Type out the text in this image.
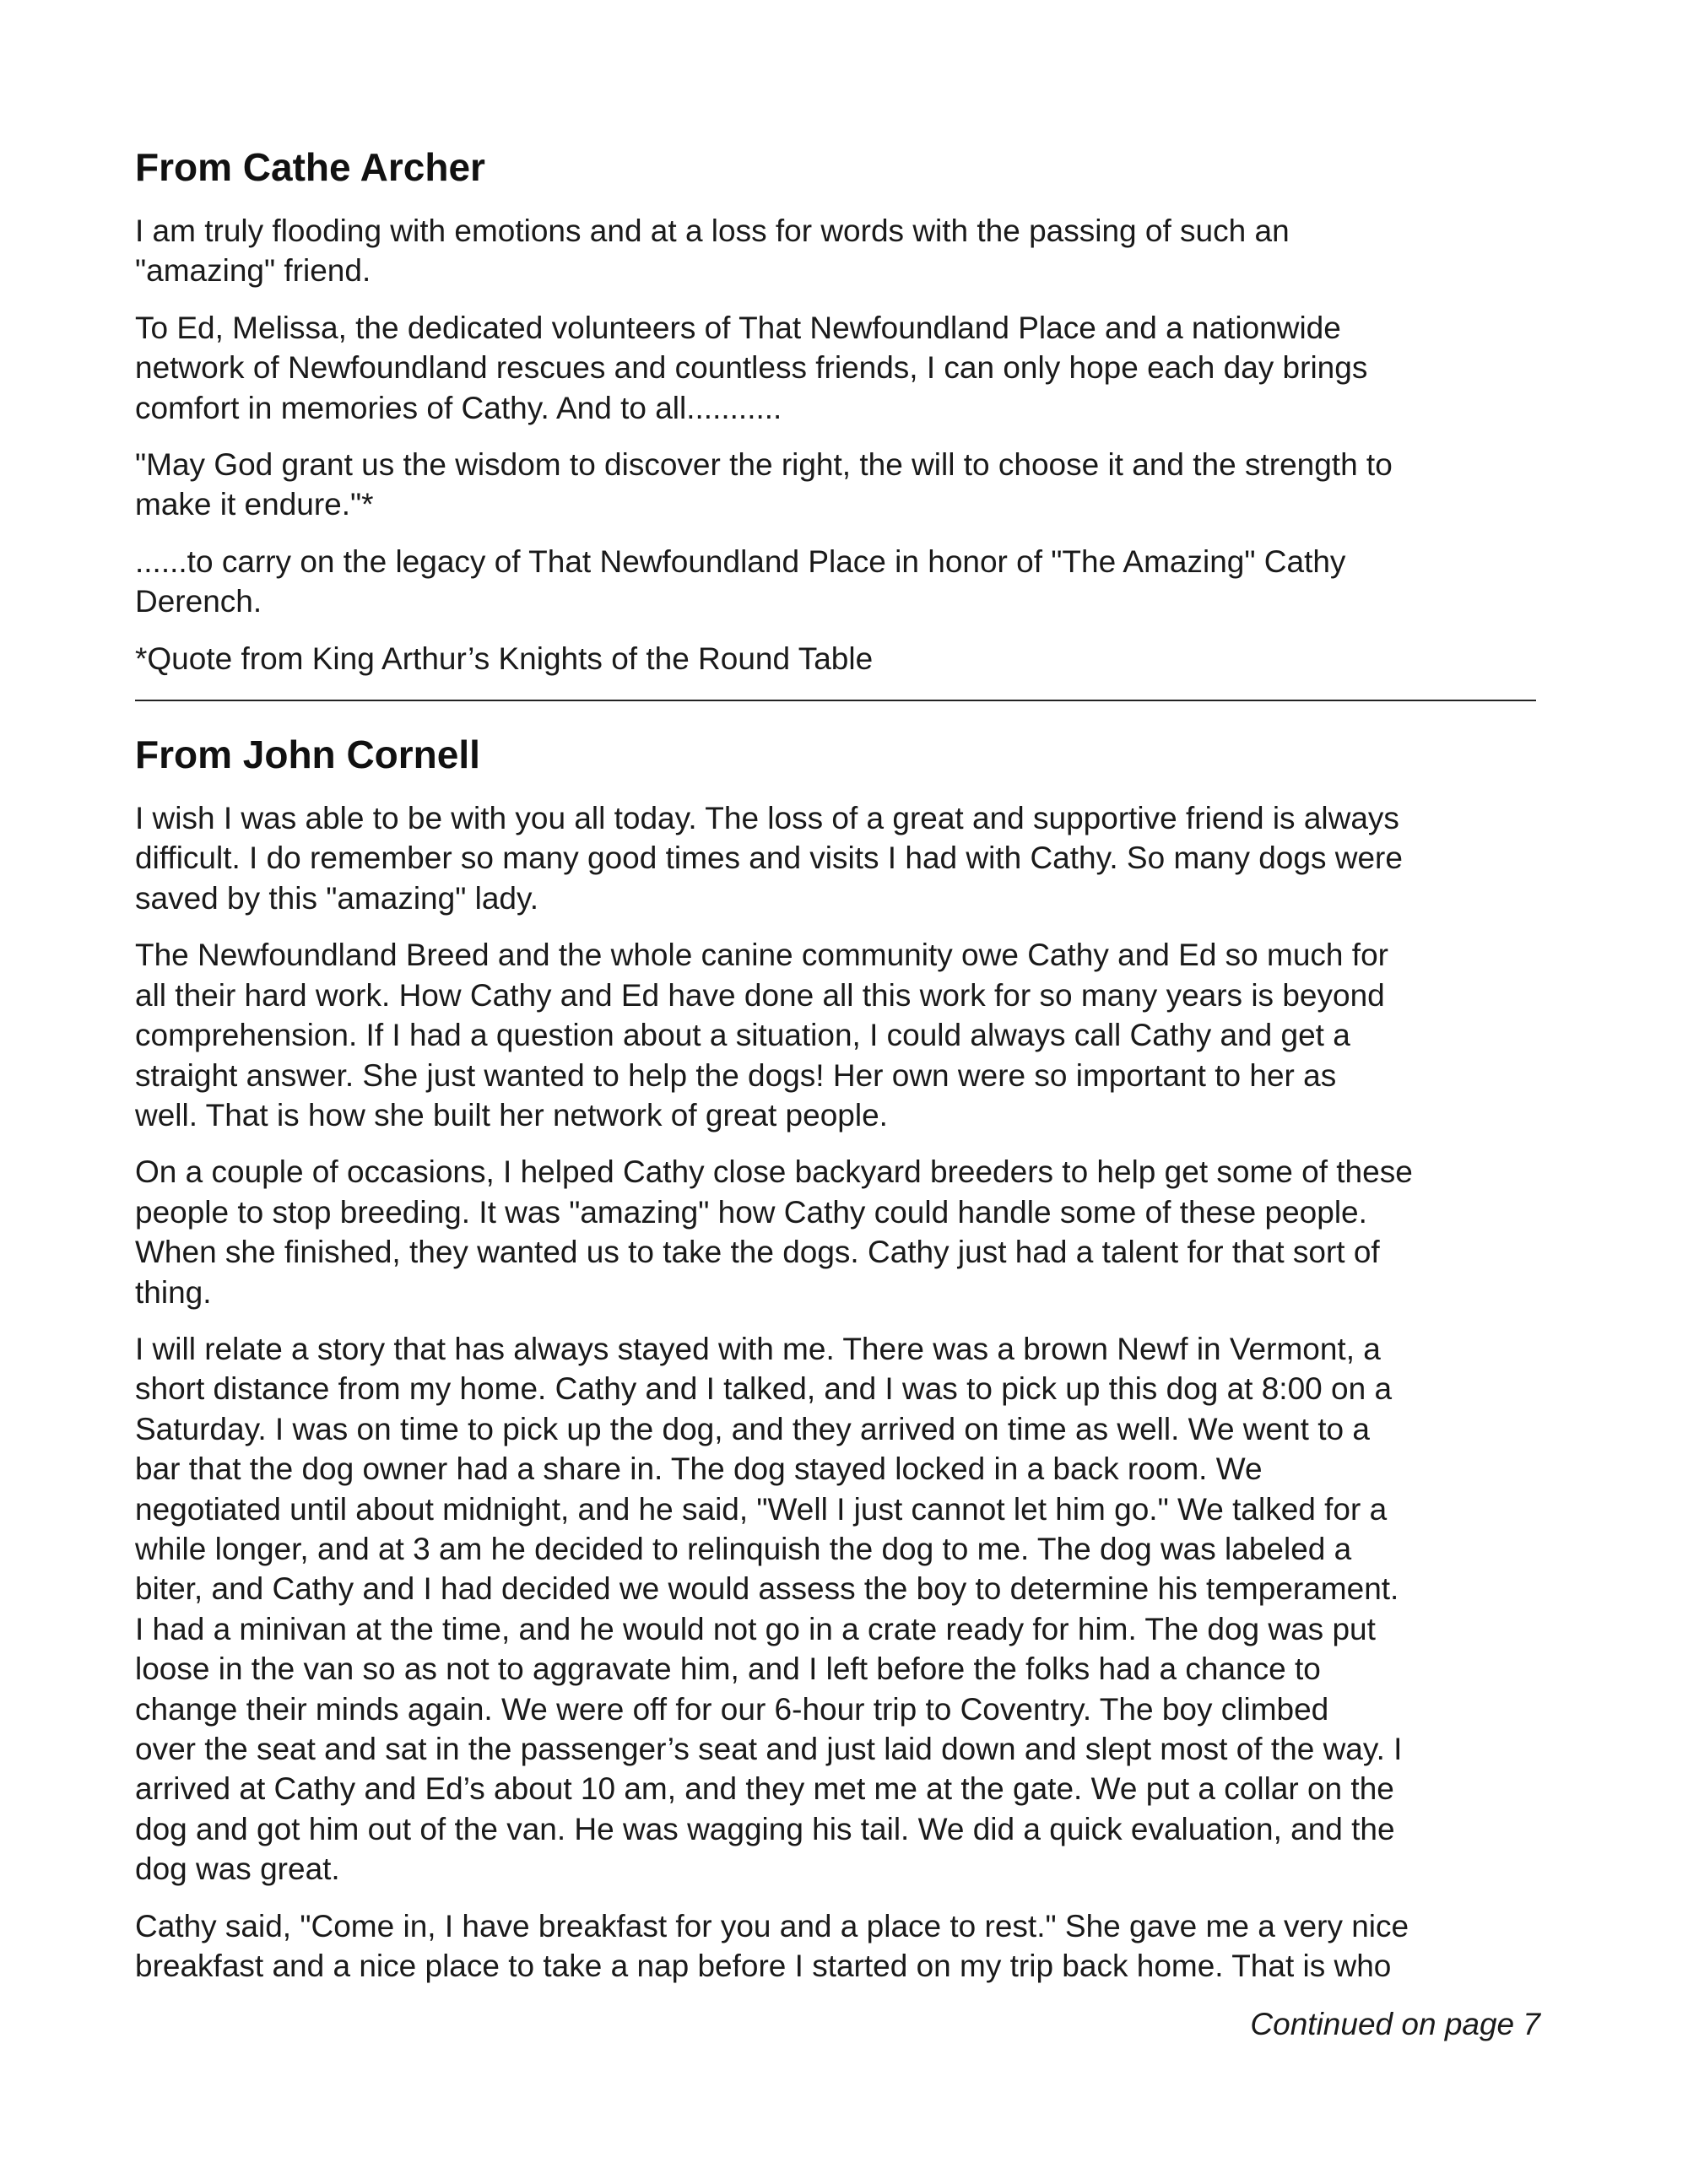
From Cathe Archer

I am truly flooding with emotions and at a loss for words with the passing of such an
"amazing" friend.

To Ed, Melissa, the dedicated volunteers of That Newfoundland Place and a nationwide
network of Newfoundland rescues and countless friends, I can only hope each day brings
comfort in memories of Cathy. And to all...........

"May God grant us the wisdom to discover the right, the will to choose it and the strength to
make it endure."*

......to carry on the legacy of That Newfoundland Place in honor of "The Amazing" Cathy
Derench.

*Quote from King Arthur’s Knights of the Round Table

From John Cornell

I wish I was able to be with you all today. The loss of a great and supportive friend is always
difficult. I do remember so many good times and visits I had with Cathy. So many dogs were
saved by this "amazing" lady.

The Newfoundland Breed and the whole canine community owe Cathy and Ed so much for
all their hard work. How Cathy and Ed have done all this work for so many years is beyond
comprehension. If I had a question about a situation, I could always call Cathy and get a
straight answer. She just wanted to help the dogs! Her own were so important to her as
well. That is how she built her network of great people.

On a couple of occasions, I helped Cathy close backyard breeders to help get some of these
people to stop breeding. It was "amazing" how Cathy could handle some of these people.
When she finished, they wanted us to take the dogs. Cathy just had a talent for that sort of
thing.

I will relate a story that has always stayed with me. There was a brown Newf in Vermont, a
short distance from my home. Cathy and I talked, and I was to pick up this dog at 8:00 on a
Saturday. I was on time to pick up the dog, and they arrived on time as well. We went to a
bar that the dog owner had a share in. The dog stayed locked in a back room. We
negotiated until about midnight, and he said, "Well I just cannot let him go." We talked for a
while longer, and at 3 am he decided to relinquish the dog to me. The dog was labeled a
biter, and Cathy and I had decided we would assess the boy to determine his temperament.
I had a minivan at the time, and he would not go in a crate ready for him. The dog was put
loose in the van so as not to aggravate him, and I left before the folks had a chance to
change their minds again. We were off for our 6-hour trip to Coventry. The boy climbed
over the seat and sat in the passenger’s seat and just laid down and slept most of the way. I
arrived at Cathy and Ed’s about 10 am, and they met me at the gate. We put a collar on the
dog and got him out of the van. He was wagging his tail. We did a quick evaluation, and the
dog was great.

Cathy said, "Come in, I have breakfast for you and a place to rest." She gave me a very nice
breakfast and a nice place to take a nap before I started on my trip back home. That is who

Continued on page 7
